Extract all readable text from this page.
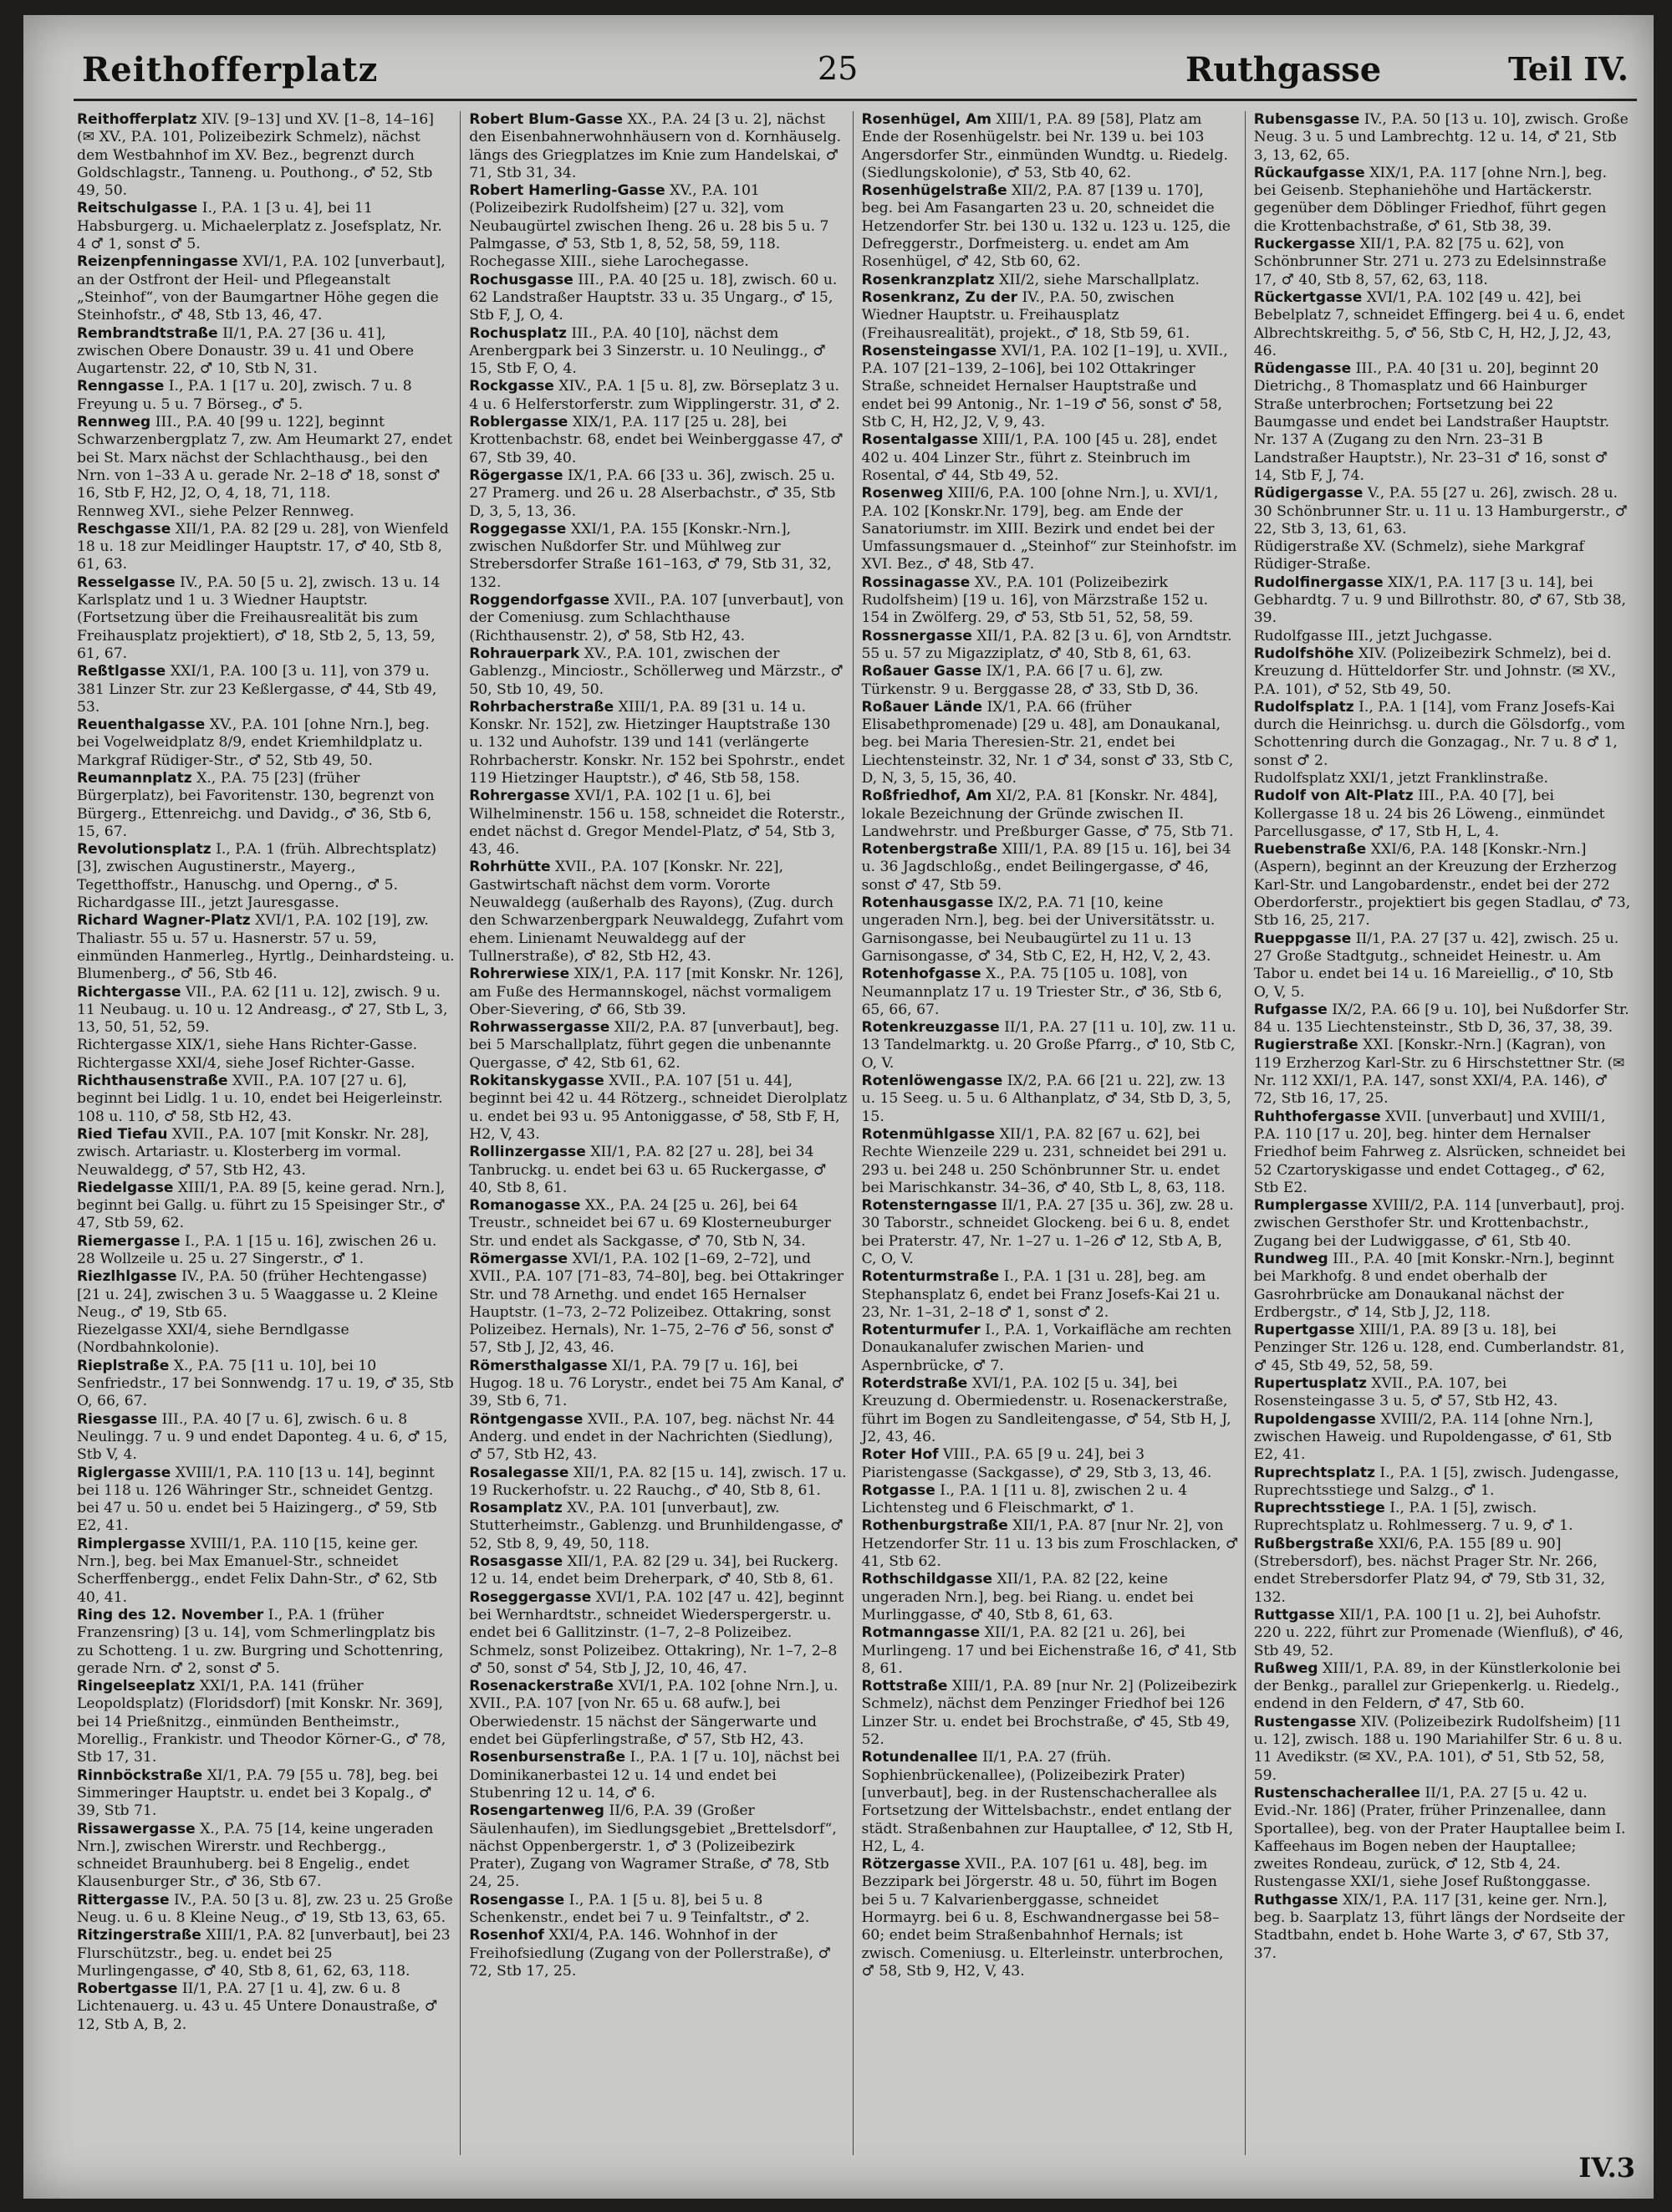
Reithofferplatz	25	Ruthgasse	Teil IV.

Reithofferplatz XIV. [9–13] und XV. [1–8, 14–16] (✉ XV., P.A. 101, Polizeibezirk Schmelz), nächst dem Westbahnhof im XV. Bez., begrenzt durch Goldschlagstr., Tanneng. u. Pouthong., ♂ 52, Stb 49, 50.

Reitschulgasse I., P.A. 1 [3 u. 4], bei 11 Habsburgerg. u. Michaelerplatz z. Josefsplatz, Nr. 4 ♂ 1, sonst ♂ 5.

Reizenpfenningasse XVI/1, P.A. 102 [unverbaut], an der Ostfront der Heil- und Pflegeanstalt „Steinhof“, von der Baumgartner Höhe gegen die Steinhofstr., ♂ 48, Stb 13, 46, 47.

Rembrandtstraße II/1, P.A. 27 [36 u. 41], zwischen Obere Donaustr. 39 u. 41 und Obere Augartenstr. 22, ♂ 10, Stb N, 31.

Renngasse I., P.A. 1 [17 u. 20], zwisch. 7 u. 8 Freyung u. 5 u. 7 Börseg., ♂ 5.

Rennweg III., P.A. 40 [99 u. 122], beginnt Schwarzenbergplatz 7, zw. Am Heumarkt 27, endet bei St. Marx nächst der Schlachthausg., bei den Nrn. von 1–33 A u. gerade Nr. 2–18 ♂ 18, sonst ♂ 16, Stb F, H2, J2, O, 4, 18, 71, 118.

Rennweg XVI., siehe Pelzer Rennweg.

Reschgasse XII/1, P.A. 82 [29 u. 28], von Wienfeld 18 u. 18 zur Meidlinger Hauptstr. 17, ♂ 40, Stb 8, 61, 63.

Resselgasse IV., P.A. 50 [5 u. 2], zwisch. 13 u. 14 Karlsplatz und 1 u. 3 Wiedner Hauptstr. (Fortsetzung über die Freihausrealität bis zum Freihausplatz projektiert), ♂ 18, Stb 2, 5, 13, 59, 61, 67.

Reßtlgasse XXI/1, P.A. 100 [3 u. 11], von 379 u. 381 Linzer Str. zur 23 Keßlergasse, ♂ 44, Stb 49, 53.

Reuenthalgasse XV., P.A. 101 [ohne Nrn.], beg. bei Vogelweidplatz 8/9, endet Kriemhildplatz u. Markgraf Rüdiger-Str., ♂ 52, Stb 49, 50.

Reumannplatz X., P.A. 75 [23] (früher Bürgerplatz), bei Favoritenstr. 130, begrenzt von Bürgerg., Ettenreichg. und Davidg., ♂ 36, Stb 6, 15, 67.

Revolutionsplatz I., P.A. 1 (früh. Albrechtsplatz) [3], zwischen Augustinerstr., Mayerg., Tegetthoffstr., Hanuschg. und Operng., ♂ 5.

Richardgasse III., jetzt Jauresgasse.

Richard Wagner-Platz XVI/1, P.A. 102 [19], zw. Thaliastr. 55 u. 57 u. Hasnerstr. 57 u. 59, einmünden Hanmerleg., Hyrtlg., Deinhardsteing. u. Blumenberg., ♂ 56, Stb 46.

Richtergasse VII., P.A. 62 [11 u. 12], zwisch. 9 u. 11 Neubaug. u. 10 u. 12 Andreasg., ♂ 27, Stb L, 3, 13, 50, 51, 52, 59.

Richtergasse XIX/1, siehe Hans Richter-Gasse.

Richtergasse XXI/4, siehe Josef Richter-Gasse.

Richthausenstraße XVII., P.A. 107 [27 u. 6], beginnt bei Lidlg. 1 u. 10, endet bei Heigerleinstr. 108 u. 110, ♂ 58, Stb H2, 43.

Ried Tiefau XVII., P.A. 107 [mit Konskr. Nr. 28], zwisch. Artariastr. u. Klosterberg im vormal. Neuwaldegg, ♂ 57, Stb H2, 43.

Riedelgasse XIII/1, P.A. 89 [5, keine gerad. Nrn.], beginnt bei Gallg. u. führt zu 15 Speisinger Str., ♂ 47, Stb 59, 62.

Riemergasse I., P.A. 1 [15 u. 16], zwischen 26 u. 28 Wollzeile u. 25 u. 27 Singerstr., ♂ 1.

Riezlhlgasse IV., P.A. 50 (früher Hechtengasse) [21 u. 24], zwischen 3 u. 5 Waaggasse u. 2 Kleine Neug., ♂ 19, Stb 65.

Riezelgasse XXI/4, siehe Berndlgasse (Nordbahnkolonie).

Rieplstraße X., P.A. 75 [11 u. 10], bei 10 Senfriedstr., 17 bei Sonnwendg. 17 u. 19, ♂ 35, Stb O, 66, 67.

Riesgasse III., P.A. 40 [7 u. 6], zwisch. 6 u. 8 Neulingg. 7 u. 9 und endet Daponteg. 4 u. 6, ♂ 15, Stb V, 4.

Riglergasse XVIII/1, P.A. 110 [13 u. 14], beginnt bei 118 u. 126 Währinger Str., schneidet Gentzg. bei 47 u. 50 u. endet bei 5 Haizingerg., ♂ 59, Stb E2, 41.

Rimplergasse XVIII/1, P.A. 110 [15, keine ger. Nrn.], beg. bei Max Emanuel-Str., schneidet Scherffenbergg., endet Felix Dahn-Str., ♂ 62, Stb 40, 41.

Ring des 12. November I., P.A. 1 (früher Franzensring) [3 u. 14], vom Schmerlingplatz bis zu Schotteng. 1 u. zw. Burgring und Schottenring, gerade Nrn. ♂ 2, sonst ♂ 5.

Ringelseeplatz XXI/1, P.A. 141 (früher Leopoldsplatz) (Floridsdorf) [mit Konskr. Nr. 369], bei 14 Prießnitzg., einmünden Bentheimstr., Morellig., Frankistr. und Theodor Körner-G., ♂ 78, Stb 17, 31.

Rinnböckstraße XI/1, P.A. 79 [55 u. 78], beg. bei Simmeringer Hauptstr. u. endet bei 3 Kopalg., ♂ 39, Stb 71.

Rissawergasse X., P.A. 75 [14, keine ungeraden Nrn.], zwischen Wirerstr. und Rechbergg., schneidet Braunhuberg. bei 8 Engelig., endet Klausenburger Str., ♂ 36, Stb 67.

Rittergasse IV., P.A. 50 [3 u. 8], zw. 23 u. 25 Große Neug. u. 6 u. 8 Kleine Neug., ♂ 19, Stb 13, 63, 65.

Ritzingerstraße XIII/1, P.A. 82 [unverbaut], bei 23 Flurschützstr., beg. u. endet bei 25 Murlingengasse, ♂ 40, Stb 8, 61, 62, 63, 118.

Robertgasse II/1, P.A. 27 [1 u. 4], zw. 6 u. 8 Lichtenauerg. u. 43 u. 45 Untere Donaustraße, ♂ 12, Stb A, B, 2.

Robert Blum-Gasse XX., P.A. 24 [3 u. 2], nächst den Eisenbahnerwohnhäusern von d. Kornhäuselg. längs des Griegplatzes im Knie zum Handelskai, ♂ 71, Stb 31, 34.

Robert Hamerling-Gasse XV., P.A. 101 (Polizeibezirk Rudolfsheim) [27 u. 32], vom Neubaugürtel zwischen Iheng. 26 u. 28 bis 5 u. 7 Palmgasse, ♂ 53, Stb 1, 8, 52, 58, 59, 118.

Rochegasse XIII., siehe Larochegasse.

Rochusgasse III., P.A. 40 [25 u. 18], zwisch. 60 u. 62 Landstraßer Hauptstr. 33 u. 35 Ungarg., ♂ 15, Stb F, J, O, 4.

Rochusplatz III., P.A. 40 [10], nächst dem Arenbergpark bei 3 Sinzerstr. u. 10 Neulingg., ♂ 15, Stb F, O, 4.

Rockgasse XIV., P.A. 1 [5 u. 8], zw. Börseplatz 3 u. 4 u. 6 Helferstorferstr. zum Wipplingerstr. 31, ♂ 2.

Roblergasse XIX/1, P.A. 117 [25 u. 28], bei Krottenbachstr. 68, endet bei Weinberggasse 47, ♂ 67, Stb 39, 40.

Rögergasse IX/1, P.A. 66 [33 u. 36], zwisch. 25 u. 27 Pramerg. und 26 u. 28 Alserbachstr., ♂ 35, Stb D, 3, 5, 13, 36.

Roggegasse XXI/1, P.A. 155 [Konskr.-Nrn.], zwischen Nußdorfer Str. und Mühlweg zur Strebersdorfer Straße 161–163, ♂ 79, Stb 31, 32, 132.

Roggendorfgasse XVII., P.A. 107 [unverbaut], von der Comeniusg. zum Schlachthause (Richthausenstr. 2), ♂ 58, Stb H2, 43.

Rohrauerpark XV., P.A. 101, zwischen der Gablenzg., Minciostr., Schöllerweg und Märzstr., ♂ 50, Stb 10, 49, 50.

Rohrbacherstraße XIII/1, P.A. 89 [31 u. 14 u. Konskr. Nr. 152], zw. Hietzinger Hauptstraße 130 u. 132 und Auhofstr. 139 und 141 (verlängerte Rohrbacherstr. Konskr. Nr. 152 bei Spohrstr., endet 119 Hietzinger Hauptstr.), ♂ 46, Stb 58, 158.

Rohrergasse XVI/1, P.A. 102 [1 u. 6], bei Wilhelminenstr. 156 u. 158, schneidet die Roterstr., endet nächst d. Gregor Mendel-Platz, ♂ 54, Stb 3, 43, 46.

Rohrhütte XVII., P.A. 107 [Konskr. Nr. 22], Gastwirtschaft nächst dem vorm. Vororte Neuwaldegg (außerhalb des Rayons), (Zug. durch den Schwarzenbergpark Neuwaldegg, Zufahrt vom ehem. Linienamt Neuwaldegg auf der Tullnerstraße), ♂ 82, Stb H2, 43.

Rohrerwiese XIX/1, P.A. 117 [mit Konskr. Nr. 126], am Fuße des Hermannskogel, nächst vormaligem Ober-Sievering, ♂ 66, Stb 39.

Rohrwassergasse XII/2, P.A. 87 [unverbaut], beg. bei 5 Marschallplatz, führt gegen die unbenannte Quergasse, ♂ 42, Stb 61, 62.

Rokitanskygasse XVII., P.A. 107 [51 u. 44], beginnt bei 42 u. 44 Rötzerg., schneidet Dierolplatz u. endet bei 93 u. 95 Antoniggasse, ♂ 58, Stb F, H, H2, V, 43.

Rollinzergasse XII/1, P.A. 82 [27 u. 28], bei 34 Tanbruckg. u. endet bei 63 u. 65 Ruckergasse, ♂ 40, Stb 8, 61.

Romanogasse XX., P.A. 24 [25 u. 26], bei 64 Treustr., schneidet bei 67 u. 69 Klosterneuburger Str. und endet als Sackgasse, ♂ 70, Stb N, 34.

Römergasse XVI/1, P.A. 102 [1–69, 2–72], und XVII., P.A. 107 [71–83, 74–80], beg. bei Ottakringer Str. und 78 Arnethg. und endet 165 Hernalser Hauptstr. (1–73, 2–72 Polizeibez. Ottakring, sonst Polizeibez. Hernals), Nr. 1–75, 2–76 ♂ 56, sonst ♂ 57, Stb J, J2, 43, 46.

Römersthalgasse XI/1, P.A. 79 [7 u. 16], bei Hugog. 18 u. 76 Lorystr., endet bei 75 Am Kanal, ♂ 39, Stb 6, 71.

Röntgengasse XVII., P.A. 107, beg. nächst Nr. 44 Anderg. und endet in der Nachrichten (Siedlung), ♂ 57, Stb H2, 43.

Rosalegasse XII/1, P.A. 82 [15 u. 14], zwisch. 17 u. 19 Ruckerhofstr. u. 22 Rauchg., ♂ 40, Stb 8, 61.

Rosamplatz XV., P.A. 101 [unverbaut], zw. Stutterheimstr., Gablenzg. und Brunhildengasse, ♂ 52, Stb 8, 9, 49, 50, 118.

Rosasgasse XII/1, P.A. 82 [29 u. 34], bei Ruckerg. 12 u. 14, endet beim Dreherpark, ♂ 40, Stb 8, 61.

Roseggergasse XVI/1, P.A. 102 [47 u. 42], beginnt bei Wernhardtstr., schneidet Wiederspergerstr. u. endet bei 6 Gallitzinstr. (1–7, 2–8 Polizeibez. Schmelz, sonst Polizeibez. Ottakring), Nr. 1–7, 2–8 ♂ 50, sonst ♂ 54, Stb J, J2, 10, 46, 47.

Rosenackerstraße XVI/1, P.A. 102 [ohne Nrn.], u. XVII., P.A. 107 [von Nr. 65 u. 68 aufw.], bei Oberwiedenstr. 15 nächst der Sängerwarte und endet bei Güpferlingstraße, ♂ 57, Stb H2, 43.

Rosenbursenstraße I., P.A. 1 [7 u. 10], nächst bei Dominikanerbastei 12 u. 14 und endet bei Stubenring 12 u. 14, ♂ 6.

Rosengartenweg II/6, P.A. 39 (Großer Säulenhaufen), im Siedlungsgebiet „Brettelsdorf“, nächst Oppenbergerstr. 1, ♂ 3 (Polizeibezirk Prater), Zugang von Wagramer Straße, ♂ 78, Stb 24, 25.

Rosengasse I., P.A. 1 [5 u. 8], bei 5 u. 8 Schenkenstr., endet bei 7 u. 9 Teinfaltstr., ♂ 2.

Rosenhof XXI/4, P.A. 146. Wohnhof in der Freihofsiedlung (Zugang von der Pollerstraße), ♂ 72, Stb 17, 25.

Rosenhügel, Am XIII/1, P.A. 89 [58], Platz am Ende der Rosenhügelstr. bei Nr. 139 u. bei 103 Angersdorfer Str., einmünden Wundtg. u. Riedelg. (Siedlungskolonie), ♂ 53, Stb 40, 62.

Rosenhügelstraße XII/2, P.A. 87 [139 u. 170], beg. bei Am Fasangarten 23 u. 20, schneidet die Hetzendorfer Str. bei 130 u. 132 u. 123 u. 125, die Defreggerstr., Dorfmeisterg. u. endet am Am Rosenhügel, ♂ 42, Stb 60, 62.

Rosenkranzplatz XII/2, siehe Marschallplatz.

Rosenkranz, Zu der IV., P.A. 50, zwischen Wiedner Hauptstr. u. Freihausplatz (Freihausrealität), projekt., ♂ 18, Stb 59, 61.

Rosensteingasse XVI/1, P.A. 102 [1–19], u. XVII., P.A. 107 [21–139, 2–106], bei 102 Ottakringer Straße, schneidet Hernalser Hauptstraße und endet bei 99 Antonig., Nr. 1–19 ♂ 56, sonst ♂ 58, Stb C, H, H2, J2, V, 9, 43.

Rosentalgasse XIII/1, P.A. 100 [45 u. 28], endet 402 u. 404 Linzer Str., führt z. Steinbruch im Rosental, ♂ 44, Stb 49, 52.

Rosenweg XIII/6, P.A. 100 [ohne Nrn.], u. XVI/1, P.A. 102 [Konskr.Nr. 179], beg. am Ende der Sanatoriumstr. im XIII. Bezirk und endet bei der Umfassungsmauer d. „Steinhof“ zur Steinhofstr. im XVI. Bez., ♂ 48, Stb 47.

Rossinagasse XV., P.A. 101 (Polizeibezirk Rudolfsheim) [19 u. 16], von Märzstraße 152 u. 154 in Zwölferg. 29, ♂ 53, Stb 51, 52, 58, 59.

Rossnergasse XII/1, P.A. 82 [3 u. 6], von Arndtstr. 55 u. 57 zu Migazziplatz, ♂ 40, Stb 8, 61, 63.

Roßauer Gasse IX/1, P.A. 66 [7 u. 6], zw. Türkenstr. 9 u. Berggasse 28, ♂ 33, Stb D, 36.

Roßauer Lände IX/1, P.A. 66 (früher Elisabethpromenade) [29 u. 48], am Donaukanal, beg. bei Maria Theresien-Str. 21, endet bei Liechtensteinstr. 32, Nr. 1 ♂ 34, sonst ♂ 33, Stb C, D, N, 3, 5, 15, 36, 40.

Roßfriedhof, Am XI/2, P.A. 81 [Konskr. Nr. 484], lokale Bezeichnung der Gründe zwischen II. Landwehrstr. und Preßburger Gasse, ♂ 75, Stb 71.

Rotenbergstraße XIII/1, P.A. 89 [15 u. 16], bei 34 u. 36 Jagdschloßg., endet Beilingergasse, ♂ 46, sonst ♂ 47, Stb 59.

Rotenhausgasse IX/2, P.A. 71 [10, keine ungeraden Nrn.], beg. bei der Universitätsstr. u. Garnisongasse, bei Neubaugürtel zu 11 u. 13 Garnisongasse, ♂ 34, Stb C, E2, H, H2, V, 2, 43.

Rotenhofgasse X., P.A. 75 [105 u. 108], von Neumannplatz 17 u. 19 Triester Str., ♂ 36, Stb 6, 65, 66, 67.

Rotenkreuzgasse II/1, P.A. 27 [11 u. 10], zw. 11 u. 13 Tandelmarktg. u. 20 Große Pfarrg., ♂ 10, Stb C, O, V.

Rotenlöwengasse IX/2, P.A. 66 [21 u. 22], zw. 13 u. 15 Seeg. u. 5 u. 6 Althanplatz, ♂ 34, Stb D, 3, 5, 15.

Rotenmühlgasse XII/1, P.A. 82 [67 u. 62], bei Rechte Wienzeile 229 u. 231, schneidet bei 291 u. 293 u. bei 248 u. 250 Schönbrunner Str. u. endet bei Marischkanstr. 34–36, ♂ 40, Stb L, 8, 63, 118.

Rotensterngasse II/1, P.A. 27 [35 u. 36], zw. 28 u. 30 Taborstr., schneidet Glockeng. bei 6 u. 8, endet bei Praterstr. 47, Nr. 1–27 u. 1–26 ♂ 12, Stb A, B, C, O, V.

Rotenturmstraße I., P.A. 1 [31 u. 28], beg. am Stephansplatz 6, endet bei Franz Josefs-Kai 21 u. 23, Nr. 1–31, 2–18 ♂ 1, sonst ♂ 2.

Rotenturmufer I., P.A. 1, Vorkaifläche am rechten Donaukanalufer zwischen Marien- und Aspernbrücke, ♂ 7.

Roterdstraße XVI/1, P.A. 102 [5 u. 34], bei Kreuzung d. Obermiedenstr. u. Rosenackerstraße, führt im Bogen zu Sandleitengasse, ♂ 54, Stb H, J, J2, 43, 46.

Roter Hof VIII., P.A. 65 [9 u. 24], bei 3 Piaristengasse (Sackgasse), ♂ 29, Stb 3, 13, 46.

Rotgasse I., P.A. 1 [11 u. 8], zwischen 2 u. 4 Lichtensteg und 6 Fleischmarkt, ♂ 1.

Rothenburgstraße XII/1, P.A. 87 [nur Nr. 2], von Hetzendorfer Str. 11 u. 13 bis zum Froschlacken, ♂ 41, Stb 62.

Rothschildgasse XII/1, P.A. 82 [22, keine ungeraden Nrn.], beg. bei Riang. u. endet bei Murlinggasse, ♂ 40, Stb 8, 61, 63.

Rotmanngasse XII/1, P.A. 82 [21 u. 26], bei Murlingeng. 17 und bei Eichenstraße 16, ♂ 41, Stb 8, 61.

Rottstraße XIII/1, P.A. 89 [nur Nr. 2] (Polizeibezirk Schmelz), nächst dem Penzinger Friedhof bei 126 Linzer Str. u. endet bei Brochstraße, ♂ 45, Stb 49, 52.

Rotundenallee II/1, P.A. 27 (früh. Sophienbrückenallee), (Polizeibezirk Prater) [unverbaut], beg. in der Rustenschacherallee als Fortsetzung der Wittelsbachstr., endet entlang der städt. Straßenbahnen zur Hauptallee, ♂ 12, Stb H, H2, L, 4.

Rötzergasse XVII., P.A. 107 [61 u. 48], beg. im Bezzipark bei Jörgerstr. 48 u. 50, führt im Bogen bei 5 u. 7 Kalvarienberggasse, schneidet Hormayrg. bei 6 u. 8, Eschwandnergasse bei 58–60; endet beim Straßenbahnhof Hernals; ist zwisch. Comeniusg. u. Elterleinstr. unterbrochen, ♂ 58, Stb 9, H2, V, 43.

Rubensgasse IV., P.A. 50 [13 u. 10], zwisch. Große Neug. 3 u. 5 und Lambrechtg. 12 u. 14, ♂ 21, Stb 3, 13, 62, 65.

Rückaufgasse XIX/1, P.A. 117 [ohne Nrn.], beg. bei Geisenb. Stephaniehöhe und Hartäckerstr. gegenüber dem Döblinger Friedhof, führt gegen die Krottenbachstraße, ♂ 61, Stb 38, 39.

Ruckergasse XII/1, P.A. 82 [75 u. 62], von Schönbrunner Str. 271 u. 273 zu Edelsinnstraße 17, ♂ 40, Stb 8, 57, 62, 63, 118.

Rückertgasse XVI/1, P.A. 102 [49 u. 42], bei Bebelplatz 7, schneidet Effingerg. bei 4 u. 6, endet Albrechtskreithg. 5, ♂ 56, Stb C, H, H2, J, J2, 43, 46.

Rüdengasse III., P.A. 40 [31 u. 20], beginnt 20 Dietrichg., 8 Thomasplatz und 66 Hainburger Straße unterbrochen; Fortsetzung bei 22 Baumgasse und endet bei Landstraßer Hauptstr. Nr. 137 A (Zugang zu den Nrn. 23–31 B Landstraßer Hauptstr.), Nr. 23–31 ♂ 16, sonst ♂ 14, Stb F, J, 74.

Rüdigergasse V., P.A. 55 [27 u. 26], zwisch. 28 u. 30 Schönbrunner Str. u. 11 u. 13 Hamburgerstr., ♂ 22, Stb 3, 13, 61, 63.

Rüdigerstraße XV. (Schmelz), siehe Markgraf Rüdiger-Straße.

Rudolfinergasse XIX/1, P.A. 117 [3 u. 14], bei Gebhardtg. 7 u. 9 und Billrothstr. 80, ♂ 67, Stb 38, 39.

Rudolfgasse III., jetzt Juchgasse.

Rudolfshöhe XIV. (Polizeibezirk Schmelz), bei d. Kreuzung d. Hütteldorfer Str. und Johnstr. (✉ XV., P.A. 101), ♂ 52, Stb 49, 50.

Rudolfsplatz I., P.A. 1 [14], vom Franz Josefs-Kai durch die Heinrichsg. u. durch die Gölsdorfg., vom Schottenring durch die Gonzagag., Nr. 7 u. 8 ♂ 1, sonst ♂ 2.

Rudolfsplatz XXI/1, jetzt Franklinstraße.

Rudolf von Alt-Platz III., P.A. 40 [7], bei Kollergasse 18 u. 24 bis 26 Löweng., einmündet Parcellusgasse, ♂ 17, Stb H, L, 4.

Ruebenstraße XXI/6, P.A. 148 [Konskr.-Nrn.] (Aspern), beginnt an der Kreuzung der Erzherzog Karl-Str. und Langobardenstr., endet bei der 272 Oberdorferstr., projektiert bis gegen Stadlau, ♂ 73, Stb 16, 25, 217.

Rueppgasse II/1, P.A. 27 [37 u. 42], zwisch. 25 u. 27 Große Stadtgutg., schneidet Heinestr. u. Am Tabor u. endet bei 14 u. 16 Mareiellig., ♂ 10, Stb O, V, 5.

Rufgasse IX/2, P.A. 66 [9 u. 10], bei Nußdorfer Str. 84 u. 135 Liechtensteinstr., Stb D, 36, 37, 38, 39.

Rugierstraße XXI. [Konskr.-Nrn.] (Kagran), von 119 Erzherzog Karl-Str. zu 6 Hirschstettner Str. (✉ Nr. 112 XXI/1, P.A. 147, sonst XXI/4, P.A. 146), ♂ 72, Stb 16, 17, 25.

Ruhthofergasse XVII. [unverbaut] und XVIII/1, P.A. 110 [17 u. 20], beg. hinter dem Hernalser Friedhof beim Fahrweg z. Alsrücken, schneidet bei 52 Czartoryskigasse und endet Cottageg., ♂ 62, Stb E2.

Rumplergasse XVIII/2, P.A. 114 [unverbaut], proj. zwischen Gersthofer Str. und Krottenbachstr., Zugang bei der Ludwiggasse, ♂ 61, Stb 40.

Rundweg III., P.A. 40 [mit Konskr.-Nrn.], beginnt bei Markhofg. 8 und endet oberhalb der Gasrohrbrücke am Donaukanal nächst der Erdbergstr., ♂ 14, Stb J, J2, 118.

Rupertgasse XIII/1, P.A. 89 [3 u. 18], bei Penzinger Str. 126 u. 128, end. Cumberlandstr. 81, ♂ 45, Stb 49, 52, 58, 59.

Rupertusplatz XVII., P.A. 107, bei Rosensteingasse 3 u. 5, ♂ 57, Stb H2, 43.

Rupoldengasse XVIII/2, P.A. 114 [ohne Nrn.], zwischen Haweig. und Rupoldengasse, ♂ 61, Stb E2, 41.

Ruprechtsplatz I., P.A. 1 [5], zwisch. Judengasse, Ruprechtsstiege und Salzg., ♂ 1.

Ruprechtsstiege I., P.A. 1 [5], zwisch. Ruprechtsplatz u. Rohlmesserg. 7 u. 9, ♂ 1.

Rußbergstraße XXI/6, P.A. 155 [89 u. 90] (Strebersdorf), bes. nächst Prager Str. Nr. 266, endet Strebersdorfer Platz 94, ♂ 79, Stb 31, 32, 132.

Ruttgasse XII/1, P.A. 100 [1 u. 2], bei Auhofstr. 220 u. 222, führt zur Promenade (Wienfluß), ♂ 46, Stb 49, 52.

Rußweg XIII/1, P.A. 89, in der Künstlerkolonie bei der Benkg., parallel zur Griepenkerlg. u. Riedelg., endend in den Feldern, ♂ 47, Stb 60.

Rustengasse XIV. (Polizeibezirk Rudolfsheim) [11 u. 12], zwisch. 188 u. 190 Mariahilfer Str. 6 u. 8 u. 11 Avedikstr. (✉ XV., P.A. 101), ♂ 51, Stb 52, 58, 59.

Rustenschacherallee II/1, P.A. 27 [5 u. 42 u. Evid.-Nr. 186] (Prater, früher Prinzenallee, dann Sportallee), beg. von der Prater Hauptallee beim I. Kaffeehaus im Bogen neben der Hauptallee; zweites Rondeau, zurück, ♂ 12, Stb 4, 24.

Rustengasse XXI/1, siehe Josef Rußtonggasse.

Ruthgasse XIX/1, P.A. 117 [31, keine ger. Nrn.], beg. b. Saarplatz 13, führt längs der Nordseite der Stadtbahn, endet b. Hohe Warte 3, ♂ 67, Stb 37, 37.

IV.3
